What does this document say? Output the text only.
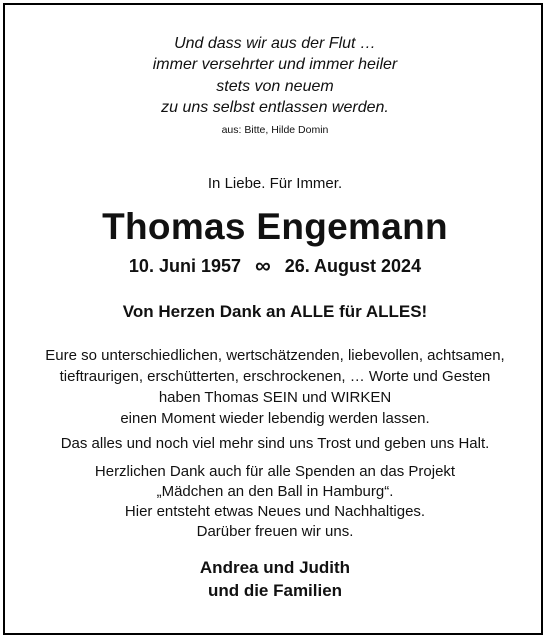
Und dass wir aus der Flut …
immer versehrter und immer heiler
stets von neuem
zu uns selbst entlassen werden.
aus: Bitte, Hilde Domin
In Liebe. Für Immer.
Thomas Engemann
10. Juni 1957 ∞ 26. August 2024
Von Herzen Dank an ALLE für ALLES!
Eure so unterschiedlichen, wertschätzenden, liebevollen, achtsamen,
tieftraurigen, erschütterten, erschrockenen, … Worte und Gesten
haben Thomas SEIN und WIRKEN
einen Moment wieder lebendig werden lassen.
Das alles und noch viel mehr sind uns Trost und geben uns Halt.
Herzlichen Dank auch für alle Spenden an das Projekt
„Mädchen an den Ball in Hamburg“.
Hier entsteht etwas Neues und Nachhaltiges.
Darüber freuen wir uns.
Andrea und Judith
und die Familien
